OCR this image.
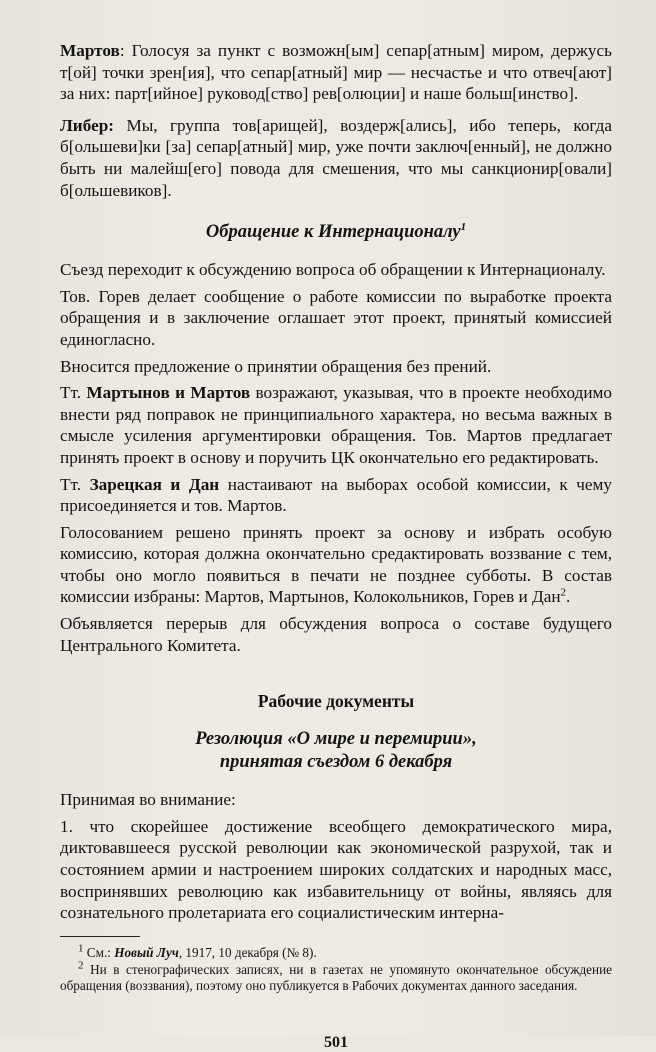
Мартов: Голосуя за пункт с возможн[ым] сепар[атным] миром, держусь т[ой] точки зрен[ия], что сепар[атный] мир — несчастье и что отвеч[ают] за них: парт[ийное] руковод[ство] рев[олюции] и наше больш[инство].

Либер: Мы, группа тов[арищей], воздерж[ались], ибо теперь, когда б[ольшеви]ки [за] сепар[атный] мир, уже почти заключ[енный], не должно быть ни малейш[его] повода для смешения, что мы санкционир[овали] б[ольшевиков].

Обращение к Интернационалу$^1$

Съезд переходит к обсуждению вопроса об обращении к Интернационалу.

Тов. Горев делает сообщение о работе комиссии по выработке проекта обращения и в заключение оглашает этот проект, принятый комиссией единогласно.

Вносится предложение о принятии обращения без прений.

Тт. Мартынов и Мартов возражают, указывая, что в проекте необходимо внести ряд поправок не принципиального характера, но весьма важных в смысле усиления аргументировки обращения. Тов. Мартов предлагает принять проект в основу и поручить ЦК окончательно его редактировать.

Тт. Зарецкая и Дан настаивают на выборах особой комиссии, к чему присоединяется и тов. Мартов.

Голосованием решено принять проект за основу и избрать особую комиссию, которая должна окончательно средактировать воззвание с тем, чтобы оно могло появиться в печати не позднее субботы. В состав комиссии избраны: Мартов, Мартынов, Колокольников, Горев и Дан$^2$.

Объявляется перерыв для обсуждения вопроса о составе будущего Центрального Комитета.

Рабочие документы
Резолюция «О мире и перемирии»,
принятая съездом 6 декабря

Принимая во внимание:

1. что скорейшее достижение всеобщего демократического мира, диктовавшееся русской революции как экономической разрухой, так и состоянием армии и настроением широких солдатских и народных масс, воспринявших революцию как избавительницу от войны, являясь для сознательного пролетариата его социалистическим интерна-

$^1$ См.: Новый Луч, 1917, 10 декабря (№ 8).

$^2$ Ни в стенографических записях, ни в газетах не упомянуто окончательное обсуждение обращения (воззвания), поэтому оно публикуется в Рабочих документах данного заседания.

501
